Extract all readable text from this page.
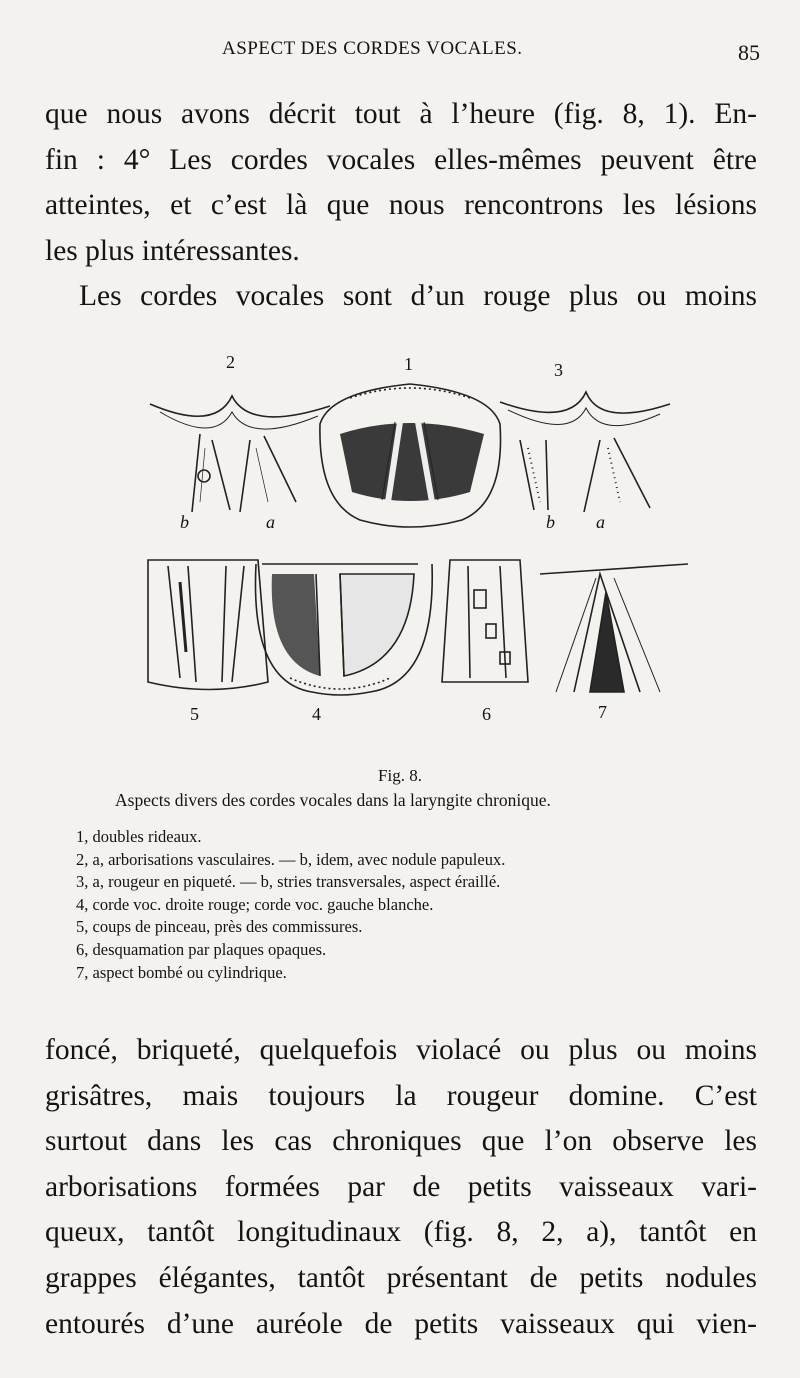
ASPECT DES CORDES VOCALES.	85
que nous avons décrit tout à l’heure (fig. 8, 1). En-
fin : 4° Les cordes vocales elles-mêmes peuvent être
atteintes, et c’est là que nous rencontrons les lésions
les plus intéressantes.
Les cordes vocales sont d’un rouge plus ou moins
2	1	3
5	4	6	7
b	a	b a
Fig. 8.
Aspects divers des cordes vocales dans la laryngite chronique.
1, doubles rideaux.
2, a, arborisations vasculaires. — b, idem, avec nodule papuleux.
3, a, rougeur en piqueté. — b, stries transversales, aspect éraillé.
4, corde voc. droite rouge; corde voc. gauche blanche.
5, coups de pinceau, près des commissures.
6, desquamation par plaques opaques.
7, aspect bombé ou cylindrique.
foncé, briqueté, quelquefois violacé ou plus ou moins
grisâtres, mais toujours la rougeur domine. C’est
surtout dans les cas chroniques que l’on observe les
arborisations formées par de petits vaisseaux vari-
queux, tantôt longitudinaux (fig. 8, 2, a), tantôt en
grappes élégantes, tantôt présentant de petits nodules
entourés d’une auréole de petits vaisseaux qui vien-
